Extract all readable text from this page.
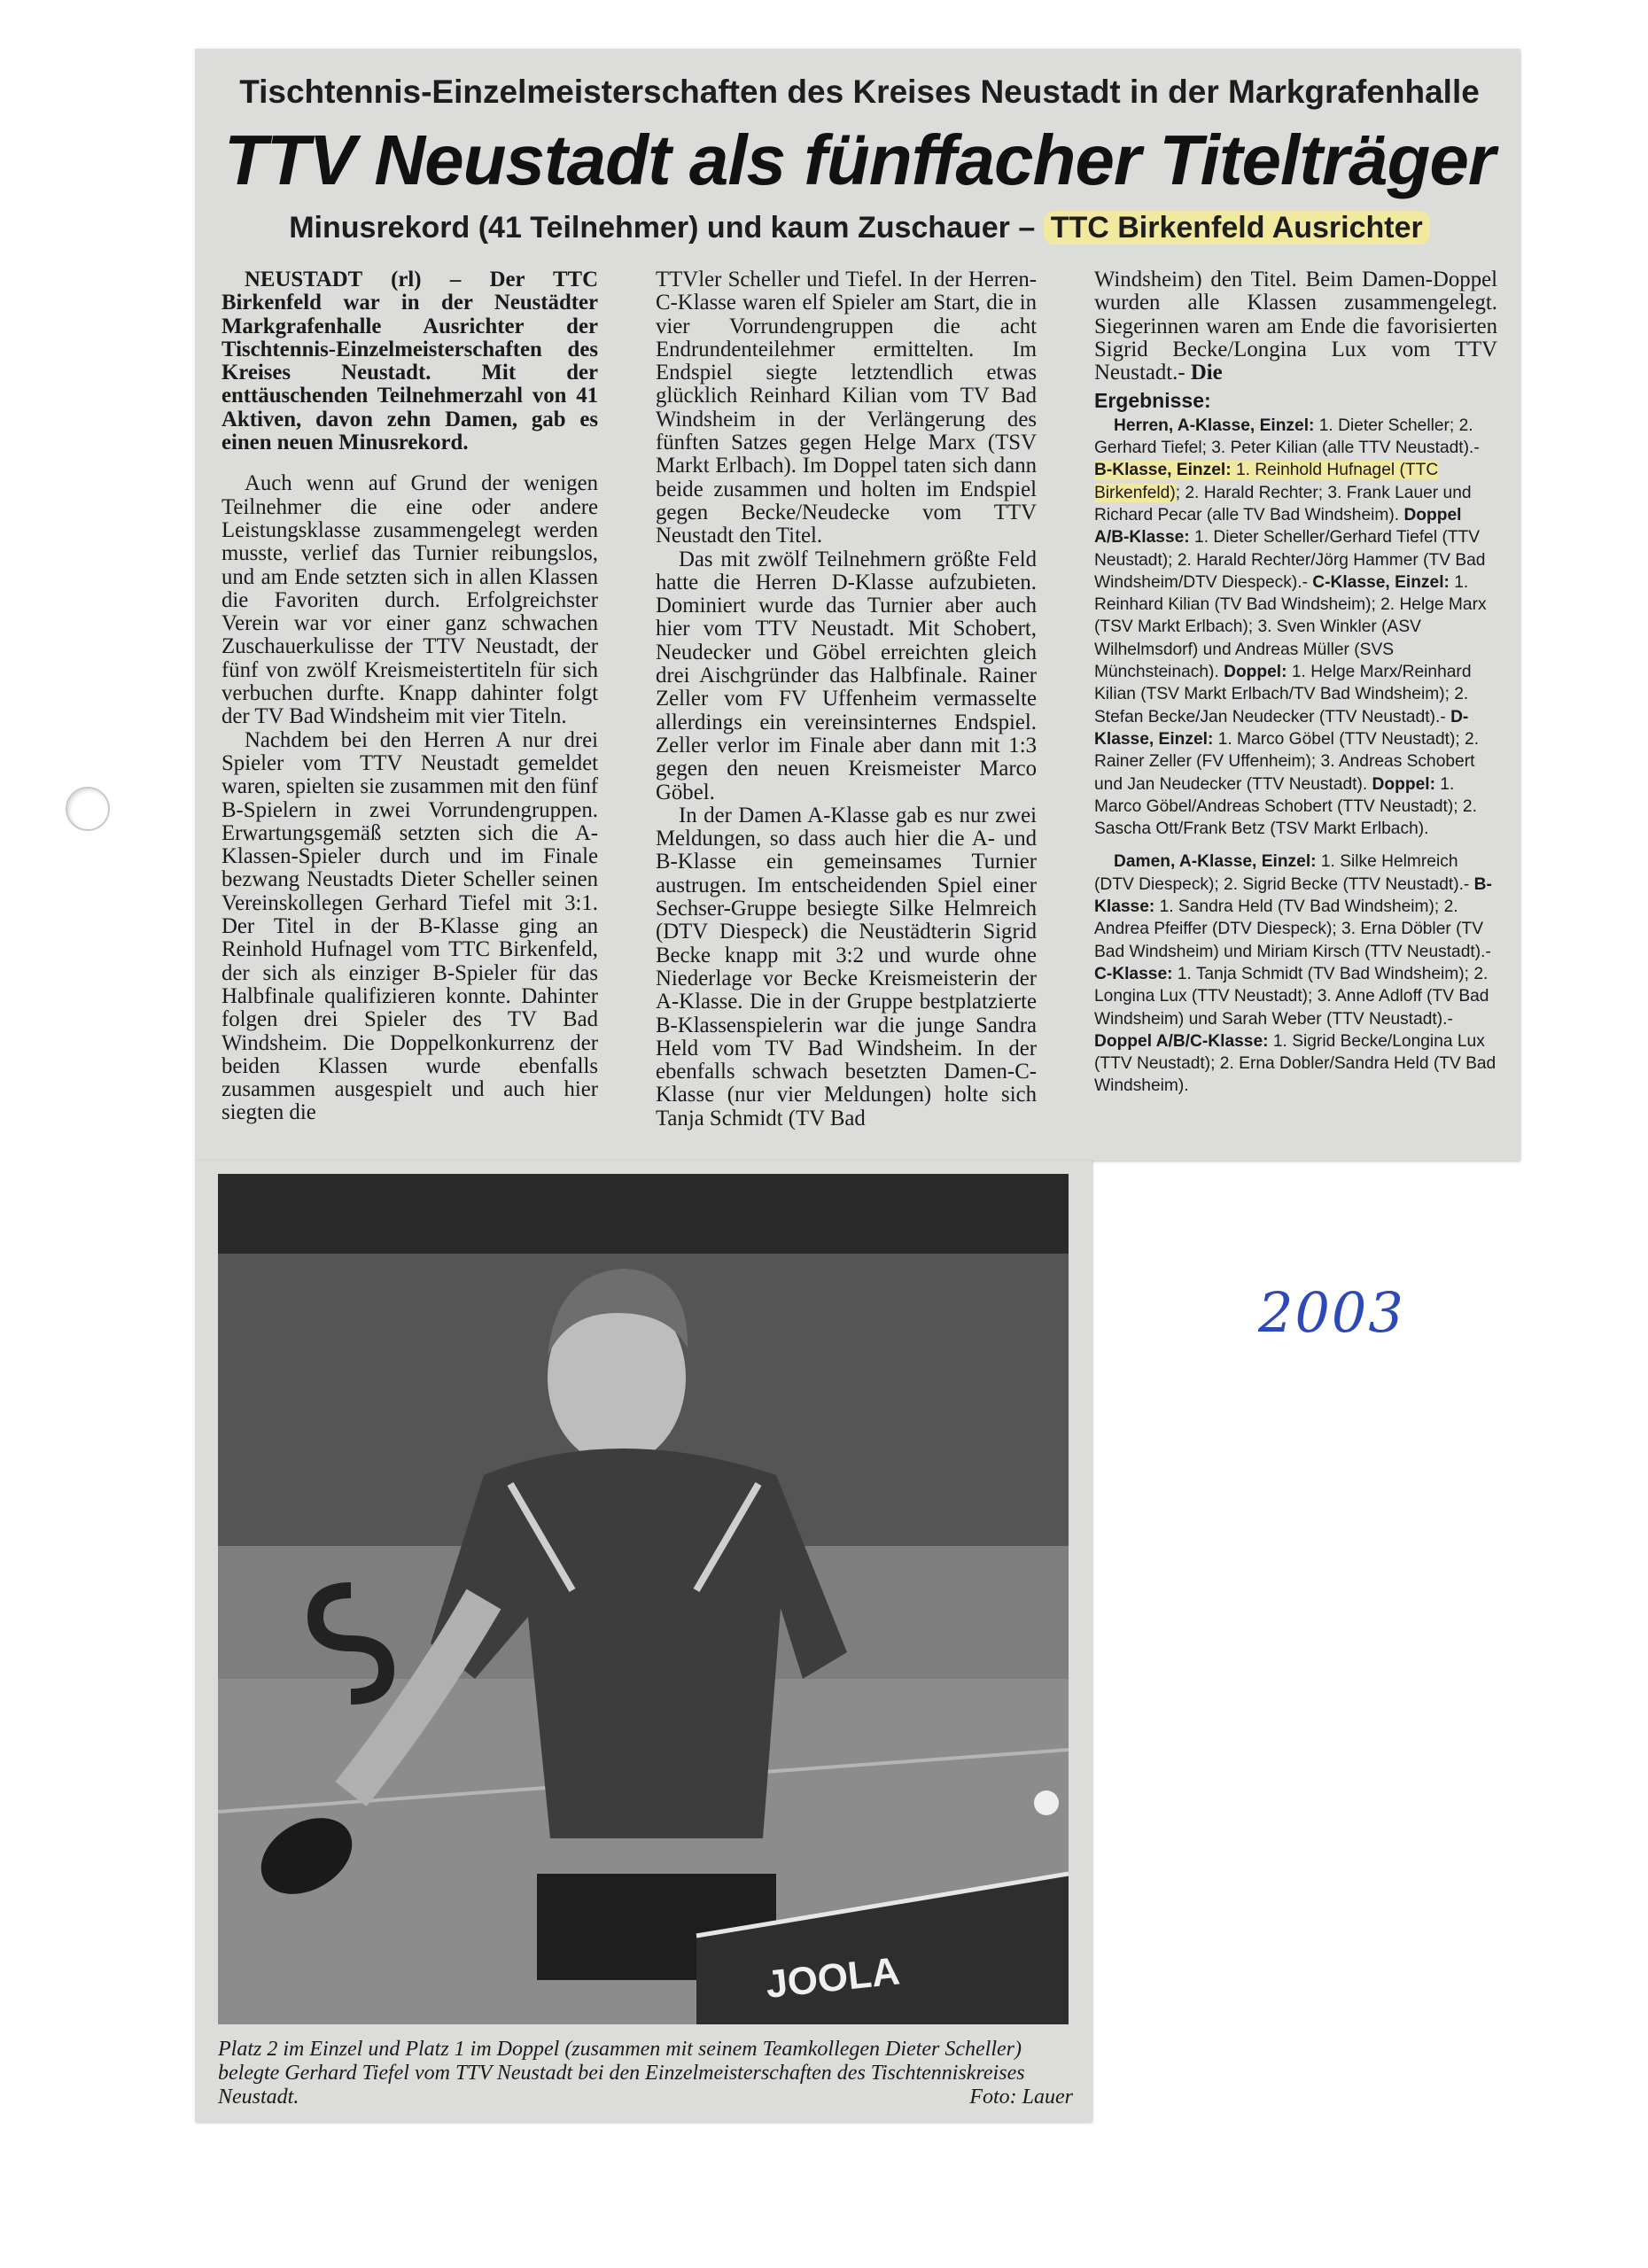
Tischtennis-Einzelmeisterschaften des Kreises Neustadt in der Markgrafenhalle
TTV Neustadt als fünffacher Titelträger
Minusrekord (41 Teilnehmer) und kaum Zuschauer – TTC Birkenfeld Ausrichter

NEUSTADT (rl) – Der TTC Birkenfeld war in der Neustädter Markgrafenhalle Ausrichter der Tischtennis-Einzelmeisterschaften des Kreises Neustadt. Mit der enttäuschenden Teilnehmerzahl von 41 Aktiven, davon zehn Damen, gab es einen neuen Minusrekord.

Auch wenn auf Grund der wenigen Teilnehmer die eine oder andere Leistungsklasse zusammengelegt werden musste, verlief das Turnier reibungslos, und am Ende setzten sich in allen Klassen die Favoriten durch. Erfolgreichster Verein war vor einer ganz schwachen Zuschauerkulisse der TTV Neustadt, der fünf von zwölf Kreismeistertiteln für sich verbuchen durfte. Knapp dahinter folgt der TV Bad Windsheim mit vier Titeln.

Nachdem bei den Herren A nur drei Spieler vom TTV Neustadt gemeldet waren, spielten sie zusammen mit den fünf B-Spielern in zwei Vorrundengruppen. Erwartungsgemäß setzten sich die A-Klassen-Spieler durch und im Finale bezwang Neustadts Dieter Scheller seinen Vereinskollegen Gerhard Tiefel mit 3:1. Der Titel in der B-Klasse ging an Reinhold Hufnagel vom TTC Birkenfeld, der sich als einziger B-Spieler für das Halbfinale qualifizieren konnte. Dahinter folgen drei Spieler des TV Bad Windsheim. Die Doppelkonkurrenz der beiden Klassen wurde ebenfalls zusammen ausgespielt und auch hier siegten die

TTVler Scheller und Tiefel. In der Herren-C-Klasse waren elf Spieler am Start, die in vier Vorrundengruppen die acht Endrundenteilehmer ermittelten. Im Endspiel siegte letztendlich etwas glücklich Reinhard Kilian vom TV Bad Windsheim in der Verlängerung des fünften Satzes gegen Helge Marx (TSV Markt Erlbach). Im Doppel taten sich dann beide zusammen und holten im Endspiel gegen Becke/Neudecke vom TTV Neustadt den Titel.

Das mit zwölf Teilnehmern größte Feld hatte die Herren D-Klasse aufzubieten. Dominiert wurde das Turnier aber auch hier vom TTV Neustadt. Mit Schobert, Neudecker und Göbel erreichten gleich drei Aischgründer das Halbfinale. Rainer Zeller vom FV Uffenheim vermasselte allerdings ein vereinsinternes Endspiel. Zeller verlor im Finale aber dann mit 1:3 gegen den neuen Kreismeister Marco Göbel.

In der Damen A-Klasse gab es nur zwei Meldungen, so dass auch hier die A- und B-Klasse ein gemeinsames Turnier austrugen. Im entscheidenden Spiel einer Sechser-Gruppe besiegte Silke Helmreich (DTV Diespeck) die Neustädterin Sigrid Becke knapp mit 3:2 und wurde ohne Niederlage vor Becke Kreismeisterin der A-Klasse. Die in der Gruppe bestplatzierte B-Klassenspielerin war die junge Sandra Held vom TV Bad Windsheim. In der ebenfalls schwach besetzten Damen-C-Klasse (nur vier Meldungen) holte sich Tanja Schmidt (TV Bad

Windsheim) den Titel. Beim Damen-Doppel wurden alle Klassen zusammengelegt. Siegerinnen waren am Ende die favorisierten Sigrid Becke/Longina Lux vom TTV Neustadt.- Die

Ergebnisse:
Herren, A-Klasse, Einzel: 1. Dieter Scheller; 2. Gerhard Tiefel; 3. Peter Kilian (alle TTV Neustadt).- B-Klasse, Einzel: 1. Reinhold Hufnagel (TTC Birkenfeld); 2. Harald Rechter; 3. Frank Lauer und Richard Pecar (alle TV Bad Windsheim). Doppel A/B-Klasse: 1. Dieter Scheller/Gerhard Tiefel (TTV Neustadt); 2. Harald Rechter/Jörg Hammer (TV Bad Windsheim/DTV Diespeck).- C-Klasse, Einzel: 1. Reinhard Kilian (TV Bad Windsheim); 2. Helge Marx (TSV Markt Erlbach); 3. Sven Winkler (ASV Wilhelmsdorf) und Andreas Müller (SVS Münchsteinach). Doppel: 1. Helge Marx/Reinhard Kilian (TSV Markt Erlbach/TV Bad Windsheim); 2. Stefan Becke/Jan Neudecker (TTV Neustadt).- D-Klasse, Einzel: 1. Marco Göbel (TTV Neustadt); 2. Rainer Zeller (FV Uffenheim); 3. Andreas Schobert und Jan Neudecker (TTV Neustadt). Doppel: 1. Marco Göbel/Andreas Schobert (TTV Neustadt); 2. Sascha Ott/Frank Betz (TSV Markt Erlbach).
Damen, A-Klasse, Einzel: 1. Silke Helmreich (DTV Diespeck); 2. Sigrid Becke (TTV Neustadt).- B-Klasse: 1. Sandra Held (TV Bad Windsheim); 2. Andrea Pfeiffer (DTV Diespeck); 3. Erna Döbler (TV Bad Windsheim) und Miriam Kirsch (TTV Neustadt).- C-Klasse: 1. Tanja Schmidt (TV Bad Windsheim); 2. Longina Lux (TTV Neustadt); 3. Anne Adloff (TV Bad Windsheim) und Sarah Weber (TTV Neustadt).- Doppel A/B/C-Klasse: 1. Sigrid Becke/Longina Lux (TTV Neustadt); 2. Erna Dobler/Sandra Held (TV Bad Windsheim).
JOOLA
Platz 2 im Einzel und Platz 1 im Doppel (zusammen mit seinem Teamkollegen Dieter Scheller) belegte Gerhard Tiefel vom TTV Neustadt bei den Einzelmeisterschaften des Tischtenniskreises Neustadt.	Foto: Lauer
2003
